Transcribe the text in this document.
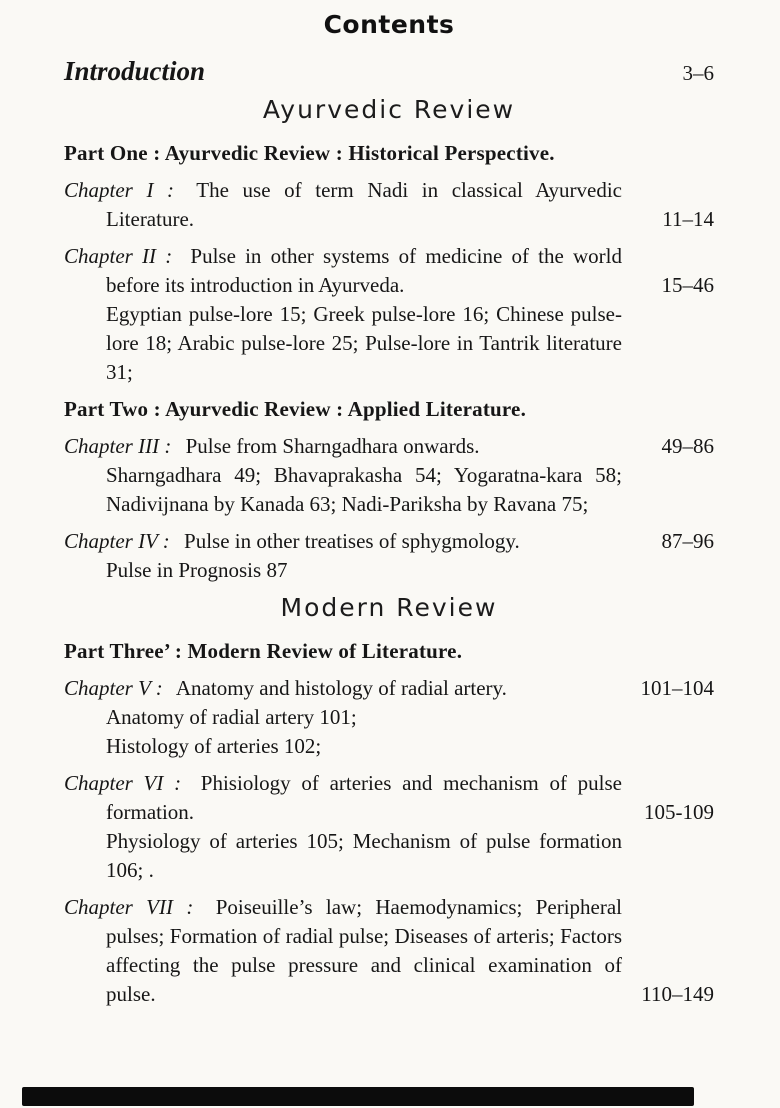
Contents
Introduction	3–6
Ayurvedic Review

Part One : Ayurvedic Review : Historical Perspective.

Chapter I : The use of term Nadi in classical Ayurvedic Literature.	11–14

Chapter II : Pulse in other systems of medicine of the world before its introduction in Ayurveda.	15–46

Egyptian pulse-lore 15; Greek pulse-lore 16; Chinese pulse-lore 18; Arabic pulse-lore 25; Pulse-lore in Tantrik literature 31;

Part Two : Ayurvedic Review : Applied Literature.

Chapter III : Pulse from Sharngadhara onwards.	49–86

Sharngadhara 49; Bhavaprakasha 54; Yogaratna-kara 58; Nadivijnana by Kanada 63; Nadi-Pariksha by Ravana 75;

Chapter IV : Pulse in other treatises of sphygmology.	87–96

Pulse in Prognosis 87

Modern Review

Part Three’ : Modern Review of Literature.

Chapter V : Anatomy and histology of radial artery.	101–104

Anatomy of radial artery 101;

Histology of arteries 102;

Chapter VI : Phisiology of arteries and mechanism of pulse formation.	105-109

Physiology of arteries 105; Mechanism of pulse formation 106; .

Chapter VII : Poiseuille’s law; Haemodynamics; Peripheral pulses; Formation of radial pulse; Diseases of arteris; Factors affecting the pulse pressure and clinical examination of pulse.	110–149
